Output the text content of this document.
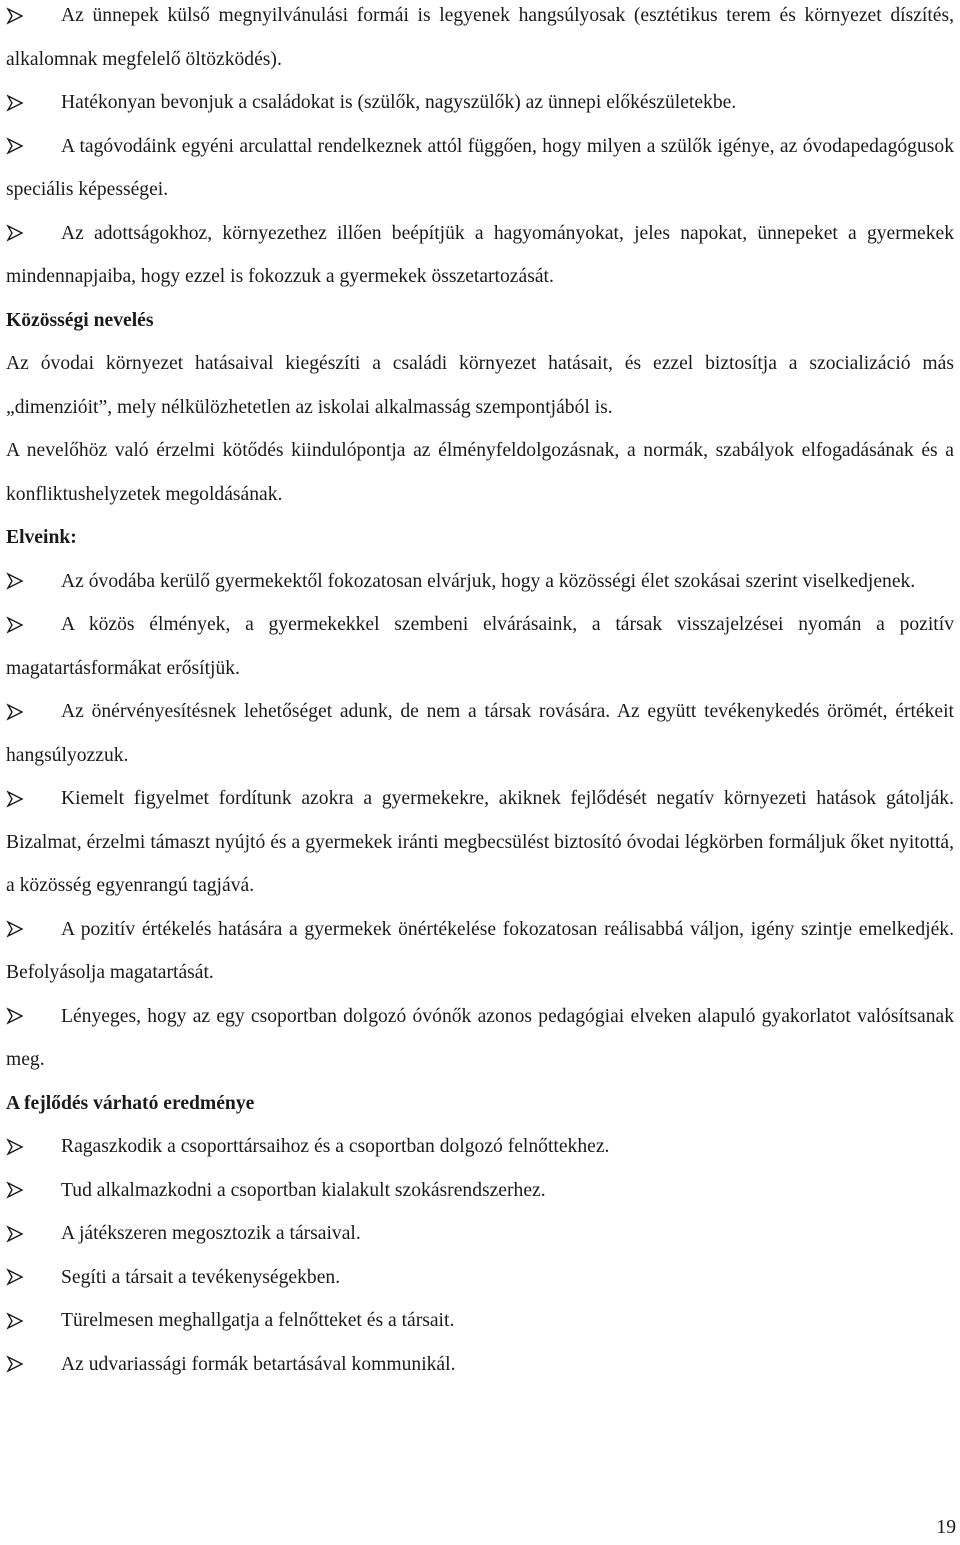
Az ünnepek külső megnyilvánulási formái is legyenek hangsúlyosak (esztétikus terem és környezet díszítés, alkalomnak megfelelő öltözködés).
Hatékonyan bevonjuk a családokat is (szülők, nagyszülők) az ünnepi előkészületekbe.
A tagóvodáink egyéni arculattal rendelkeznek attól függően, hogy milyen a szülők igénye, az óvodapedagógusok speciális képességei.
Az adottságokhoz, környezethez illően beépítjük a hagyományokat, jeles napokat, ünnepeket a gyermekek mindennapjaiba, hogy ezzel is fokozzuk a gyermekek összetartozását.
Közösségi nevelés
Az óvodai környezet hatásaival kiegészíti a családi környezet hatásait, és ezzel biztosítja a szocializáció más „dimenzióit”, mely nélkülözhetetlen az iskolai alkalmasság szempontjából is.
A nevelőhöz való érzelmi kötődés kiindulópontja az élményfeldolgozásnak, a normák, szabályok elfogadásának és a konfliktushelyzetek megoldásának.
Elveink:
Az óvodába kerülő gyermekektől fokozatosan elvárjuk, hogy a közösségi élet szokásai szerint viselkedjenek.
A közös élmények, a gyermekekkel szembeni elvárásaink, a társak visszajelzései nyomán a pozitív magatartásformákat erősítjük.
Az önérvényesítésnek lehetőséget adunk, de nem a társak rovására. Az együtt tevékenykedés örömét, értékeit hangsúlyozzuk.
Kiemelt figyelmet fordítunk azokra a gyermekekre, akiknek fejlődését negatív környezeti hatások gátolják. Bizalmat, érzelmi támaszt nyújtó és a gyermekek iránti megbecsülést biztosító óvodai légkörben formáljuk őket nyitottá, a közösség egyenrangú tagjává.
A pozitív értékelés hatására a gyermekek önértékelése fokozatosan reálisabbá váljon, igény szintje emelkedjék. Befolyásolja magatartását.
Lényeges, hogy az egy csoportban dolgozó óvónők azonos pedagógiai elveken alapuló gyakorlatot valósítsanak meg.
A fejlődés várható eredménye
Ragaszkodik a csoporttársaihoz és a csoportban dolgozó felnőttekhez.
Tud alkalmazkodni a csoportban kialakult szokásrendszerhez.
A játékszeren megosztozik a társaival.
Segíti a társait a tevékenységekben.
Türelmesen meghallgatja a felnőtteket és a társait.
Az udvariassági formák betartásával kommunikál.
19
